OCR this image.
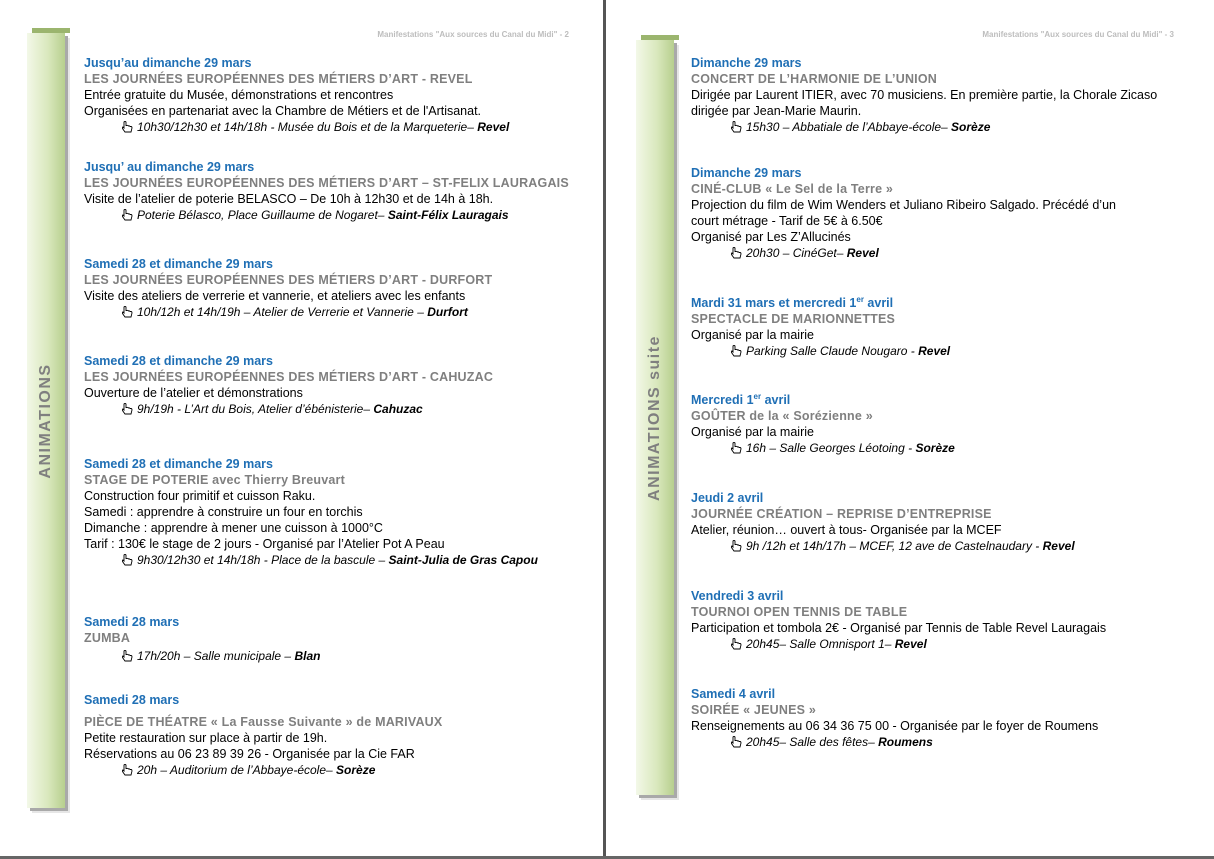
Manifestations "Aux sources du Canal du Midi" - 2
ANIMATIONS
Jusqu’au dimanche 29 mars
LES JOURNÉES EUROPÉENNES DES MÉTIERS D’ART - REVEL
Entrée gratuite du Musée, démonstrations et rencontres
Organisées en partenariat avec la Chambre de Métiers et de l'Artisanat.
10h30/12h30 et 14h/18h - Musée du Bois et de la Marqueterie– Revel
Jusqu’ au dimanche 29 mars
LES JOURNÉES EUROPÉENNES DES MÉTIERS D’ART – ST-FELIX LAURAGAIS
Visite de l’atelier de poterie BELASCO – De 10h à 12h30 et de 14h à 18h.
Poterie Bélasco, Place Guillaume de Nogaret– Saint-Félix Lauragais
Samedi 28 et dimanche 29 mars
LES JOURNÉES EUROPÉENNES DES MÉTIERS D’ART - DURFORT
Visite des ateliers de verrerie et vannerie, et ateliers avec les enfants
10h/12h et 14h/19h – Atelier de Verrerie et Vannerie – Durfort
Samedi 28 et dimanche 29 mars
LES JOURNÉES EUROPÉENNES DES MÉTIERS D’ART - CAHUZAC
Ouverture de l’atelier et démonstrations
9h/19h - L’Art du Bois, Atelier d’ébénisterie– Cahuzac
Samedi 28 et dimanche 29 mars
STAGE DE POTERIE avec Thierry Breuvart
Construction four primitif et cuisson Raku.
Samedi : apprendre à construire un four en torchis
Dimanche : apprendre à mener une cuisson à 1000°C
Tarif : 130€ le stage de 2 jours - Organisé par l’Atelier Pot A Peau
9h30/12h30 et 14h/18h - Place de la bascule – Saint-Julia de Gras Capou
Samedi 28 mars
ZUMBA
17h/20h – Salle municipale – Blan
Samedi 28 mars
PIÈCE DE THÉATRE « La Fausse Suivante » de MARIVAUX
Petite restauration sur place à partir de 19h.
Réservations au 06 23 89 39 26 - Organisée par la Cie FAR
20h – Auditorium de l’Abbaye-école– Sorèze
Manifestations "Aux sources du Canal du Midi" - 3
ANIMATIONS suite
Dimanche 29 mars
CONCERT DE L’HARMONIE DE L’UNION
Dirigée par Laurent ITIER, avec 70 musiciens. En première partie, la Chorale Zicaso
dirigée par Jean-Marie Maurin.
15h30 – Abbatiale de l’Abbaye-école– Sorèze
Dimanche 29 mars
CINÉ-CLUB « Le Sel de la Terre »
Projection du film de Wim Wenders et Juliano Ribeiro Salgado. Précédé d’un
court métrage - Tarif de 5€ à 6.50€
Organisé par Les Z’Allucinés
20h30 – CinéGet– Revel
Mardi 31 mars et mercredi 1er avril
SPECTACLE DE MARIONNETTES
Organisé par la mairie
Parking Salle Claude Nougaro - Revel
Mercredi 1er avril
GOÛTER de la « Sorézienne »
Organisé par la mairie
16h – Salle Georges Léotoing - Sorèze
Jeudi 2 avril
JOURNÉE CRÉATION – REPRISE D’ENTREPRISE
Atelier, réunion… ouvert à tous- Organisée par la MCEF
9h /12h et 14h/17h – MCEF, 12 ave de Castelnaudary - Revel
Vendredi 3 avril
TOURNOI OPEN TENNIS DE TABLE
Participation et tombola 2€ - Organisé par Tennis de Table Revel Lauragais
20h45– Salle Omnisport 1– Revel
Samedi 4 avril
SOIRÉE « JEUNES »
Renseignements au 06 34 36 75 00 - Organisée par le foyer de Roumens
20h45– Salle des fêtes– Roumens
